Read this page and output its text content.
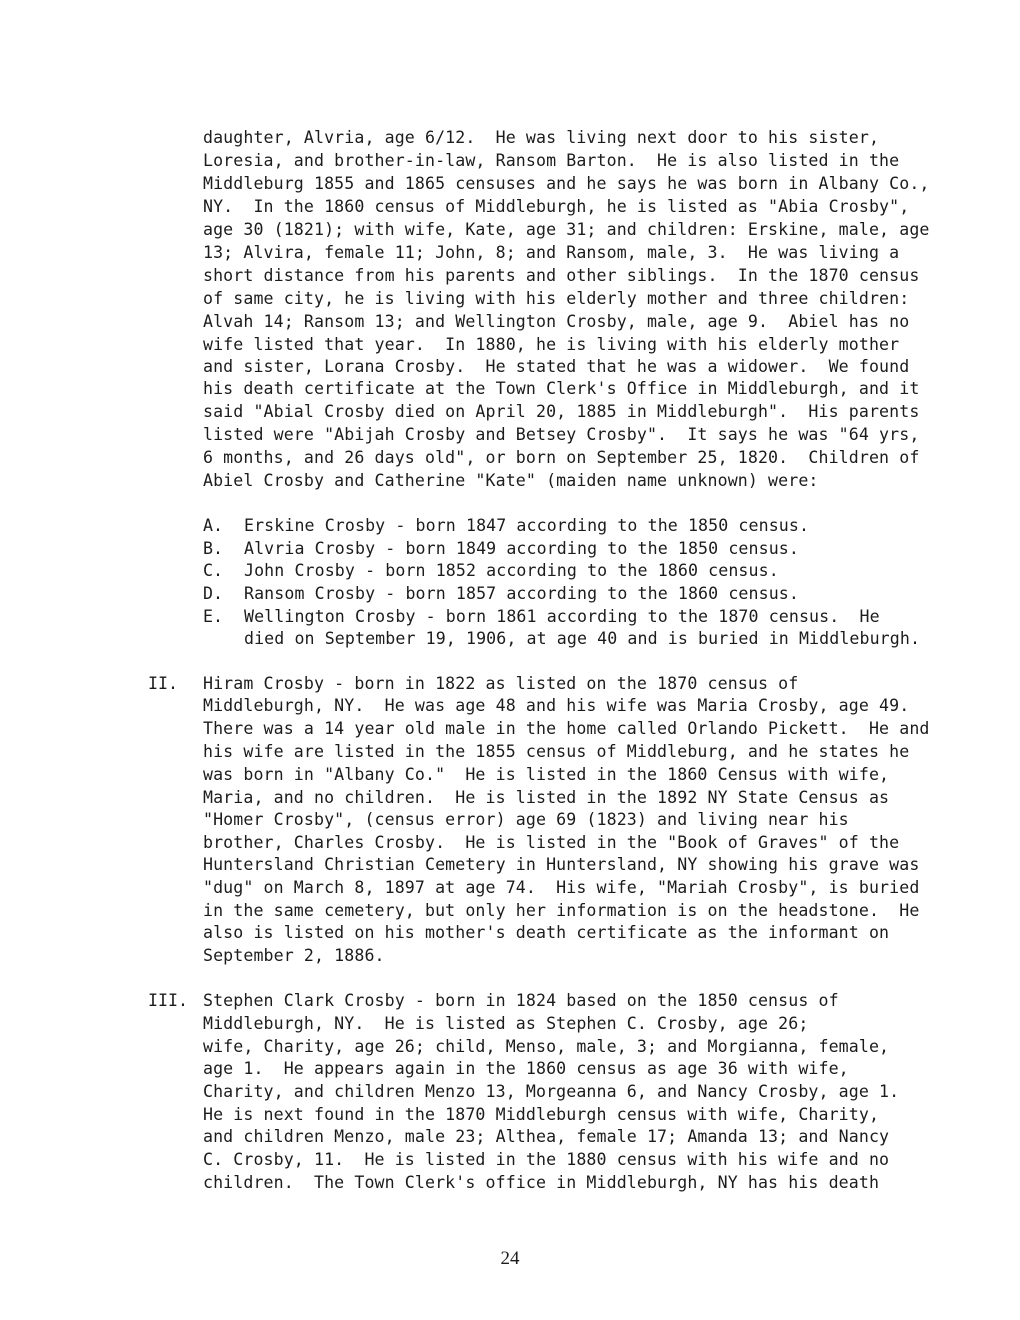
daughter, Alvria, age 6/12.  He was living next door to his sister,
Loresia, and brother-in-law, Ransom Barton.  He is also listed in the
Middleburg 1855 and 1865 censuses and he says he was born in Albany Co.,
NY.  In the 1860 census of Middleburgh, he is listed as "Abia Crosby",
age 30 (1821); with wife, Kate, age 31; and children: Erskine, male, age
13; Alvira, female 11; John, 8; and Ransom, male, 3.  He was living a
short distance from his parents and other siblings.  In the 1870 census
of same city, he is living with his elderly mother and three children:
Alvah 14; Ransom 13; and Wellington Crosby, male, age 9.  Abiel has no
wife listed that year.  In 1880, he is living with his elderly mother
and sister, Lorana Crosby.  He stated that he was a widower.  We found
his death certificate at the Town Clerk's Office in Middleburgh, and it
said "Abial Crosby died on April 20, 1885 in Middleburgh".  His parents
listed were "Abijah Crosby and Betsey Crosby".  It says he was "64 yrs,
6 months, and 26 days old", or born on September 25, 1820.  Children of
Abiel Crosby and Catherine "Kate" (maiden name unknown) were:
A. Erskine Crosby - born 1847 according to the 1850 census.
B. Alvria Crosby - born 1849 according to the 1850 census.
C. John Crosby - born 1852 according to the 1860 census.
D. Ransom Crosby - born 1857 according to the 1860 census.
E. Wellington Crosby - born 1861 according to the 1870 census.  He
died on September 19, 1906, at age 40 and is buried in Middleburgh.
II. Hiram Crosby - born in 1822 as listed on the 1870 census of
Middleburgh, NY.  He was age 48 and his wife was Maria Crosby, age 49.
There was a 14 year old male in the home called Orlando Pickett.  He and
his wife are listed in the 1855 census of Middleburg, and he states he
was born in "Albany Co."  He is listed in the 1860 Census with wife,
Maria, and no children.  He is listed in the 1892 NY State Census as
"Homer Crosby", (census error) age 69 (1823) and living near his
brother, Charles Crosby.  He is listed in the "Book of Graves" of the
Huntersland Christian Cemetery in Huntersland, NY showing his grave was
"dug" on March 8, 1897 at age 74.  His wife, "Mariah Crosby", is buried
in the same cemetery, but only her information is on the headstone.  He
also is listed on his mother's death certificate as the informant on
September 2, 1886.
III. Stephen Clark Crosby - born in 1824 based on the 1850 census of
Middleburgh, NY.  He is listed as Stephen C. Crosby, age 26;
wife, Charity, age 26; child, Menso, male, 3; and Morgianna, female,
age 1.  He appears again in the 1860 census as age 36 with wife,
Charity, and children Menzo 13, Morgeanna 6, and Nancy Crosby, age 1.
He is next found in the 1870 Middleburgh census with wife, Charity,
and children Menzo, male 23; Althea, female 17; Amanda 13; and Nancy
C. Crosby, 11.  He is listed in the 1880 census with his wife and no
children.  The Town Clerk's office in Middleburgh, NY has his death
24
